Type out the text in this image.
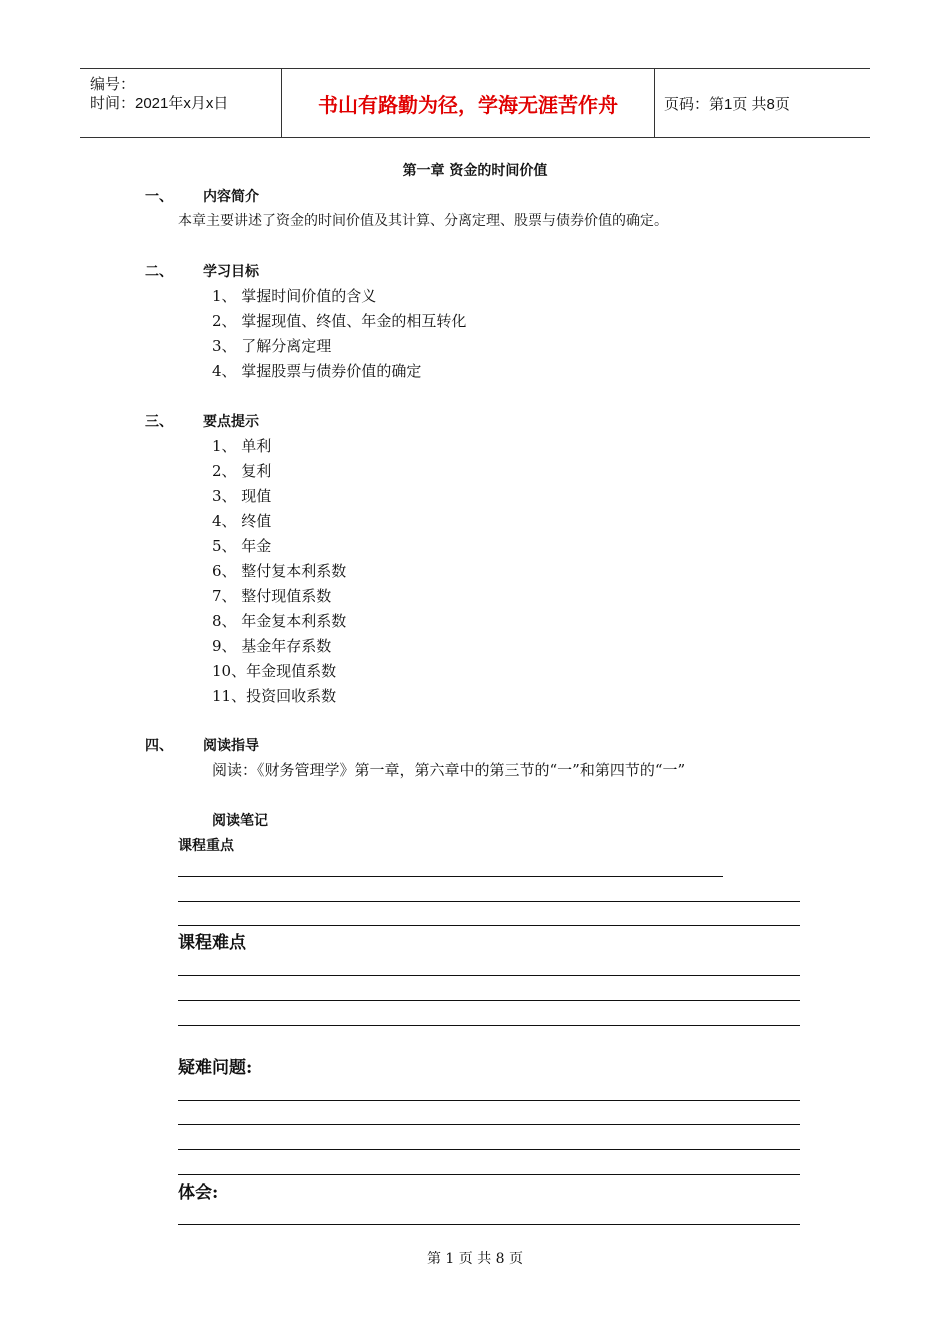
编号：
时间：2021年x月x日	书山有路勤为径，学海无涯苦作舟	页码：第1页 共8页
第一章 资金的时间价值
一、 内容简介
本章主要讲述了资金的时间价值及其计算、分离定理、股票与债券价值的确定。
二、 学习目标
1、 掌握时间价值的含义
2、 掌握现值、终值、年金的相互转化
3、 了解分离定理
4、 掌握股票与债券价值的确定
三、 要点提示
1、 单利
2、 复利
3、 现值
4、 终值
5、 年金
6、 整付复本利系数
7、 整付现值系数
8、 年金复本利系数
9、 基金年存系数
10、年金现值系数
11、投资回收系数
四、 阅读指导
阅读：《财务管理学》第一章，第六章中的第三节的“一”和第四节的“一”
阅读笔记
课程重点
课程难点
疑难问题:
体会:
第 1 页 共 8 页
